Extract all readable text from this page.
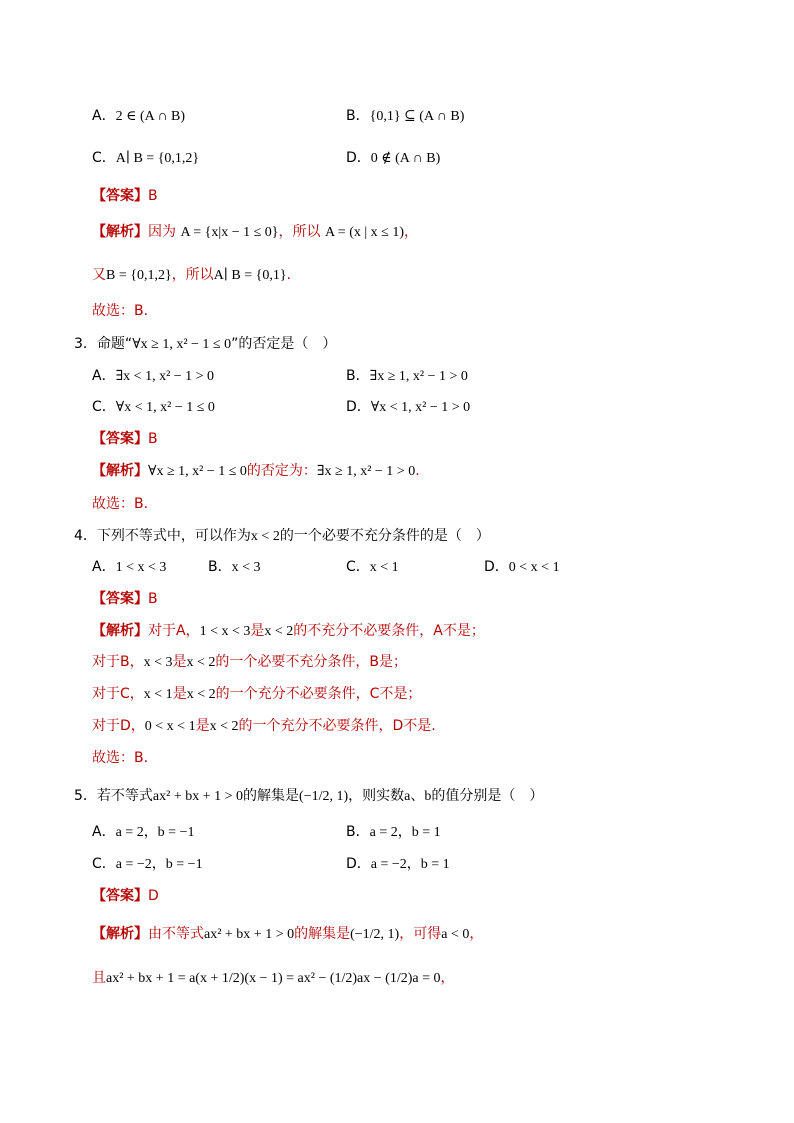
A．2 ∈ (A ∩ B)	B．{0,1} ⊆ (A ∩ B)
C．A∣ B = {0,1,2}	D．0 ∉ (A ∩ B)
【答案】B
【解析】因为 A = {x|x − 1 ≤ 0}，所以 A = (x | x ≤ 1)，
又B = {0,1,2}，所以A∣ B = {0,1}.
故选：B.
3．命题“∀x ≥ 1, x² − 1 ≤ 0”的否定是（　）
A．∃x < 1, x² − 1 > 0	B．∃x ≥ 1, x² − 1 > 0
C．∀x < 1, x² − 1 ≤ 0	D．∀x < 1, x² − 1 > 0
【答案】B
【解析】∀x ≥ 1, x² − 1 ≤ 0的否定为：∃x ≥ 1, x² − 1 > 0.
故选：B.
4．下列不等式中，可以作为x < 2的一个必要不充分条件的是（　）
A．1 < x < 3	B．x < 3	C．x < 1	D．0 < x < 1
【答案】B
【解析】对于A，1 < x < 3是x < 2的不充分不必要条件，A不是；
对于B，x < 3是x < 2的一个必要不充分条件，B是；
对于C，x < 1是x < 2的一个充分不必要条件，C不是；
对于D，0 < x < 1是x < 2的一个充分不必要条件，D不是.
故选：B.
5．若不等式ax² + bx + 1 > 0的解集是(−1/2, 1)，则实数a、b的值分别是（　）
A．a = 2，b = −1	B．a = 2，b = 1
C．a = −2，b = −1	D．a = −2，b = 1
【答案】D
【解析】由不等式ax² + bx + 1 > 0的解集是(−1/2, 1)，可得a < 0，
且ax² + bx + 1 = a(x + 1/2)(x − 1) = ax² − (1/2)ax − (1/2)a = 0，
